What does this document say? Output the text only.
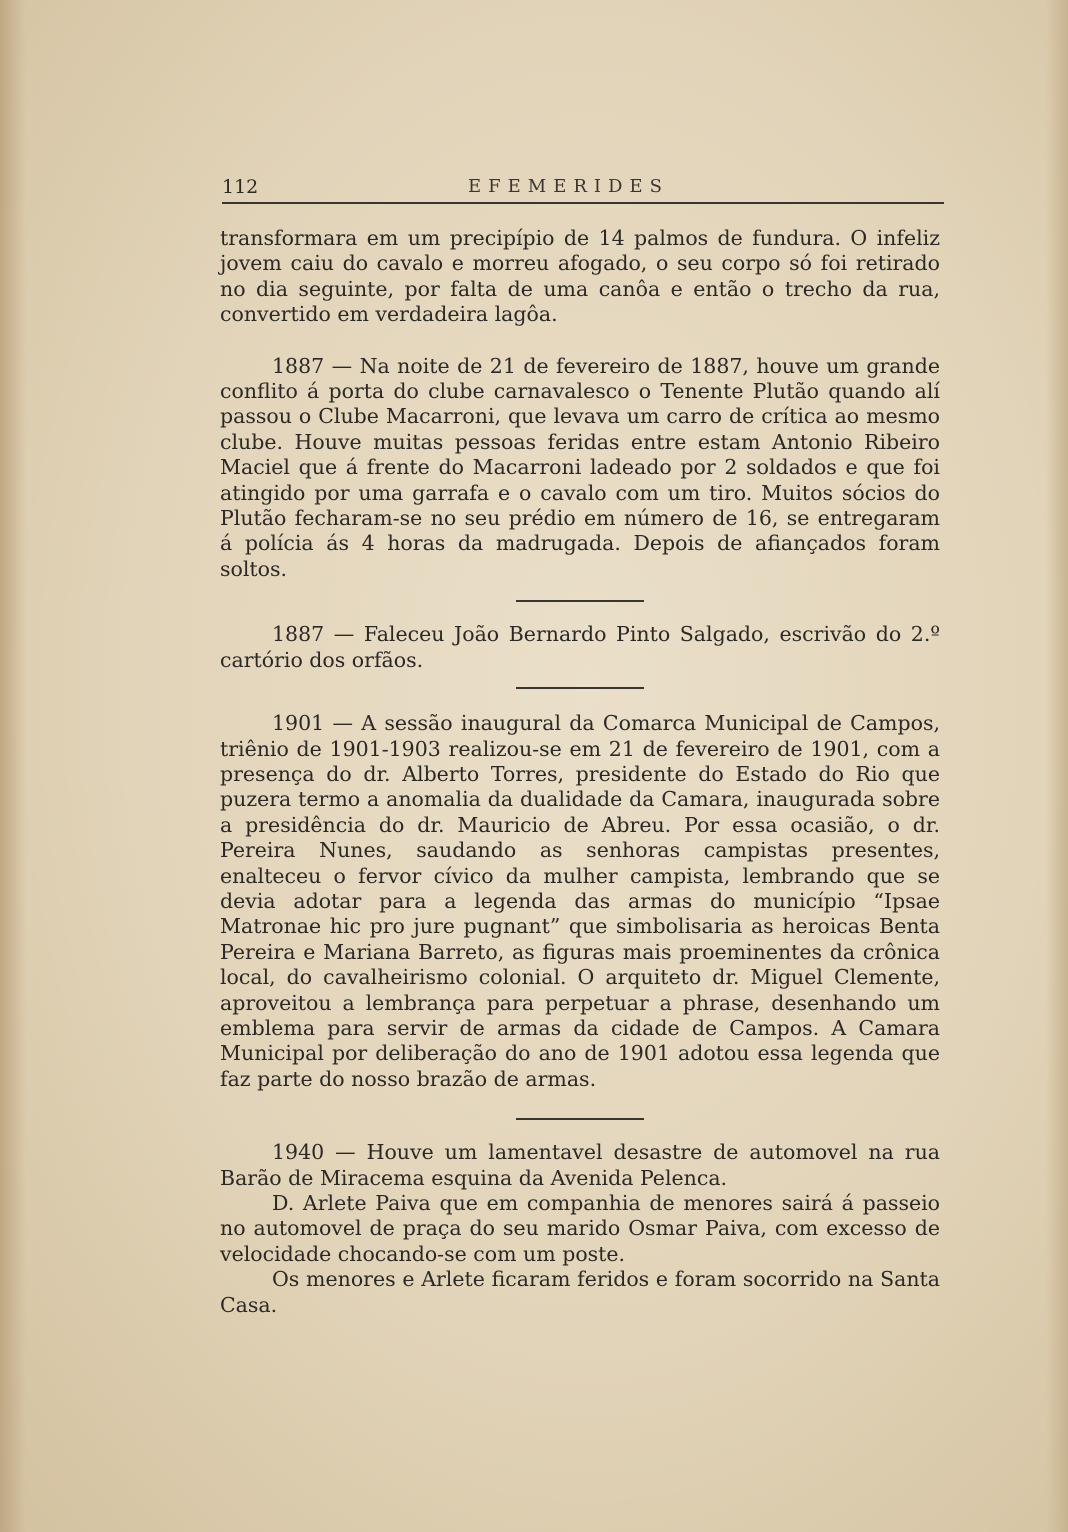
112	EFEMERIDES

transformara em um precipípio de 14 palmos de fundura. O infeliz jovem caiu do cavalo e morreu afogado, o seu corpo só foi retirado no dia seguinte, por falta de uma canôa e então o trecho da rua, convertido em verdadeira lagôa.

1887 — Na noite de 21 de fevereiro de 1887, houve um grande conflito á porta do clube carnavalesco o Tenente Plutão quando alí passou o Clube Macarroni, que levava um carro de crítica ao mesmo clube. Houve muitas pessoas feridas entre estam Antonio Ribeiro Maciel que á frente do Macarroni ladeado por 2 soldados e que foi atingido por uma garrafa e o cavalo com um tiro. Muitos sócios do Plutão fecharam-se no seu prédio em número de 16, se entregaram á polícia ás 4 horas da madrugada. Depois de afiançados foram soltos.

1887 — Faleceu João Bernardo Pinto Salgado, escrivão do 2.º cartório dos orfãos.

1901 — A sessão inaugural da Comarca Municipal de Campos, triênio de 1901-1903 realizou-se em 21 de fevereiro de 1901, com a presença do dr. Alberto Torres, presidente do Estado do Rio que puzera termo a anomalia da dualidade da Camara, inaugurada sobre a presidência do dr. Mauricio de Abreu. Por essa ocasião, o dr. Pereira Nunes, saudando as senhoras campistas presentes, enalteceu o fervor cívico da mulher campista, lembrando que se devia adotar para a legenda das armas do município “Ipsae Matronae hic pro jure pugnant” que simbolisaria as heroicas Benta Pereira e Mariana Barreto, as figuras mais proeminentes da crônica local, do cavalheirismo colonial. O arquiteto dr. Miguel Clemente, aproveitou a lembrança para perpetuar a phrase, desenhando um emblema para servir de armas da cidade de Campos. A Camara Municipal por deliberação do ano de 1901 adotou essa legenda que faz parte do nosso brazão de armas.

1940 — Houve um lamentavel desastre de automovel na rua Barão de Miracema esquina da Avenida Pelenca.

D. Arlete Paiva que em companhia de menores sairá á passeio no automovel de praça do seu marido Osmar Paiva, com excesso de velocidade chocando-se com um poste.

Os menores e Arlete ficaram feridos e foram socorrido na Santa Casa.
